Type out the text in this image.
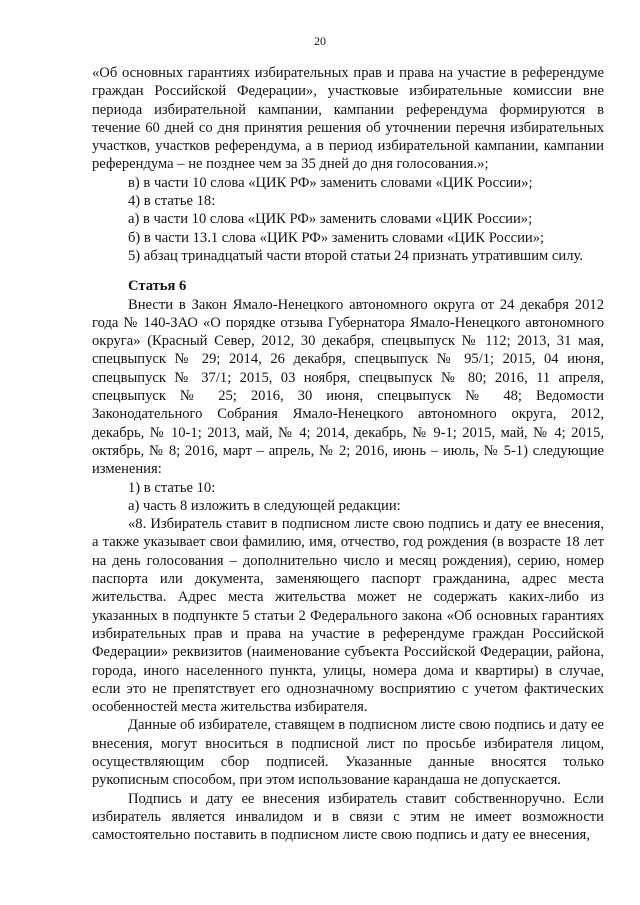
20

«Об основных гарантиях избирательных прав и права на участие в референдуме граждан Российской Федерации», участковые избирательные комиссии вне периода избирательной кампании, кампании референдума формируются в течение 60 дней со дня принятия решения об уточнении перечня избирательных участков, участков референдума, а в период избирательной кампании, кампании референдума – не позднее чем за 35 дней до дня голосования.»;

в) в части 10 слова «ЦИК РФ» заменить словами «ЦИК России»;

4) в статье 18:

а) в части 10 слова «ЦИК РФ» заменить словами «ЦИК России»;

б) в части 13.1 слова «ЦИК РФ» заменить словами «ЦИК России»;

5) абзац тринадцатый части второй статьи 24 признать утратившим силу.

Статья 6

Внести в Закон Ямало-Ненецкого автономного округа от 24 декабря 2012 года № 140-ЗАО «О порядке отзыва Губернатора Ямало-Ненецкого автономного округа» (Красный Север, 2012, 30 декабря, спецвыпуск № 112; 2013, 31 мая, спецвыпуск № 29; 2014, 26 декабря, спецвыпуск № 95/1; 2015, 04 июня, спецвыпуск № 37/1; 2015, 03 ноября, спецвыпуск № 80; 2016, 11 апреля, спецвыпуск № 25; 2016, 30 июня, спецвыпуск № 48; Ведомости Законодательного Собрания Ямало-Ненецкого автономного округа, 2012, декабрь, № 10-1; 2013, май, № 4; 2014, декабрь, № 9-1; 2015, май, № 4; 2015, октябрь, № 8; 2016, март – апрель, № 2; 2016, июнь – июль, № 5-1) следующие изменения:

1) в статье 10:

а) часть 8 изложить в следующей редакции:

«8. Избиратель ставит в подписном листе свою подпись и дату ее внесения, а также указывает свои фамилию, имя, отчество, год рождения (в возрасте 18 лет на день голосования – дополнительно число и месяц рождения), серию, номер паспорта или документа, заменяющего паспорт гражданина, адрес места жительства. Адрес места жительства может не содержать каких-либо из указанных в подпункте 5 статьи 2 Федерального закона «Об основных гарантиях избирательных прав и права на участие в референдуме граждан Российской Федерации» реквизитов (наименование субъекта Российской Федерации, района, города, иного населенного пункта, улицы, номера дома и квартиры) в случае, если это не препятствует его однозначному восприятию с учетом фактических особенностей места жительства избирателя.

Данные об избирателе, ставящем в подписном листе свою подпись и дату ее внесения, могут вноситься в подписной лист по просьбе избирателя лицом, осуществляющим сбор подписей. Указанные данные вносятся только рукописным способом, при этом использование карандаша не допускается.

Подпись и дату ее внесения избиратель ставит собственноручно. Если избиратель является инвалидом и в связи с этим не имеет возможности самостоятельно поставить в подписном листе свою подпись и дату ее внесения,
